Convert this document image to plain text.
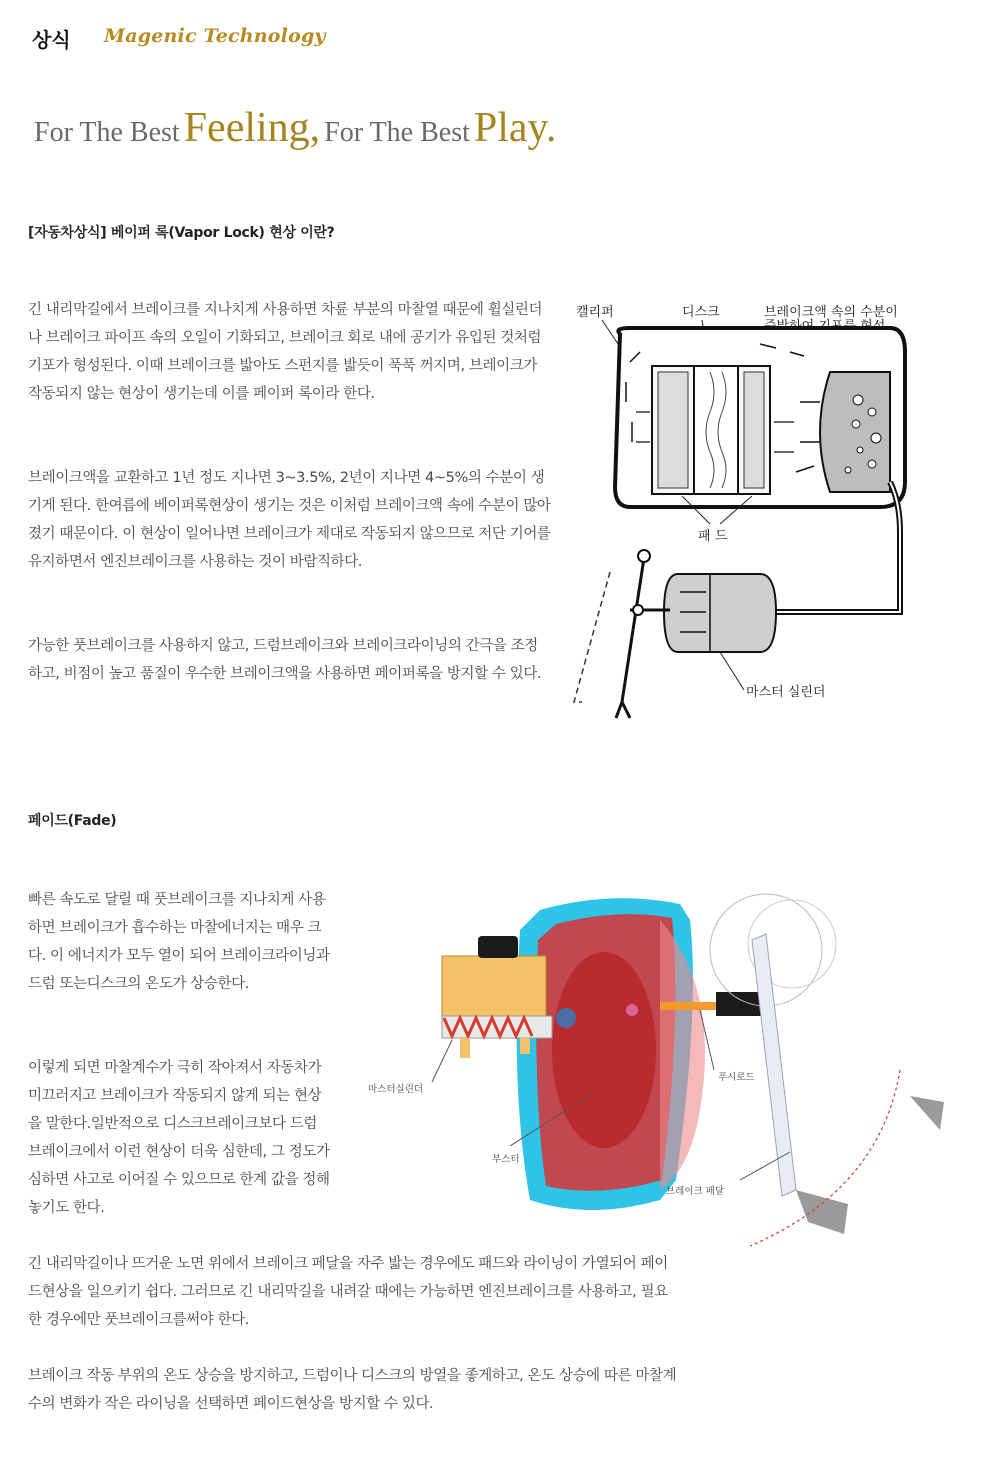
상식 Magenic Technology
For The Best Feeling, For The Best Play.
[자동차상식] 베이퍼 록(Vapor Lock) 현상 이란?

긴 내리막길에서 브레이크를 지나치게 사용하면 차륜 부분의 마찰열 때문에 휠실린더나 브레이크 파이프 속의 오일이 기화되고, 브레이크 회로 내에 공기가 유입된 것처럼 기포가 형성된다. 이때 브레이크를 밟아도 스펀지를 밟듯이 푹푹 꺼지며, 브레이크가 작동되지 않는 현상이 생기는데 이를 페이퍼 록이라 한다.

브레이크액을 교환하고 1년 정도 지나면 3~3.5%, 2년이 지나면 4~5%의 수분이 생기게 된다. 한여름에 베이퍼록현상이 생기는 것은 이처럼 브레이크액 속에 수분이 많아졌기 때문이다. 이 현상이 일어나면 브레이크가 제대로 작동되지 않으므로 저단 기어를 유지하면서 엔진브레이크를 사용하는 것이 바람직하다.

가능한 풋브레이크를 사용하지 않고, 드럼브레이크와 브레이크라이닝의 간극을 조정하고, 비점이 높고 품질이 우수한 브레이크액을 사용하면 페이퍼록을 방지할 수 있다.

캘리퍼	디스크	브레이크액 속의 수분이
패 드
마스터 실린더
페이드(Fade)

빠른 속도로 달릴 때 풋브레이크를 지나치게 사용하면 브레이크가 흡수하는 마찰에너지는 매우 크다. 이 에너지가 모두 열이 되어 브레이크라이닝과 드럼 또는디스크의 온도가 상승한다.

이렇게 되면 마찰계수가 극히 작아져서 자동차가 미끄러지고 브레이크가 작동되지 않게 되는 현상을 말한다.일반적으로 디스크브레이크보다 드럼브레이크에서 이런 현상이 더욱 심한데, 그 정도가 심하면 사고로 이어질 수 있으므로 한계 값을 정해놓기도 한다.

긴 내리막길이나 뜨거운 노면 위에서 브레이크 페달을 자주 밟는 경우에도 패드와 라이닝이 가열되어 페이드현상을 일으키기 쉽다. 그러므로 긴 내리막길을 내려갈 때에는 가능하면 엔진브레이크를 사용하고, 필요한 경우에만 풋브레이크를써야 한다.

브레이크 작동 부위의 온도 상승을 방지하고, 드럼이나 디스크의 방열을 좋게하고, 온도 상승에 따른 마찰계수의 변화가 작은 라이닝을 선택하면 페이드현상을 방지할 수 있다.

마스터실린더
푸시로드
부스터
브레이크 페달
